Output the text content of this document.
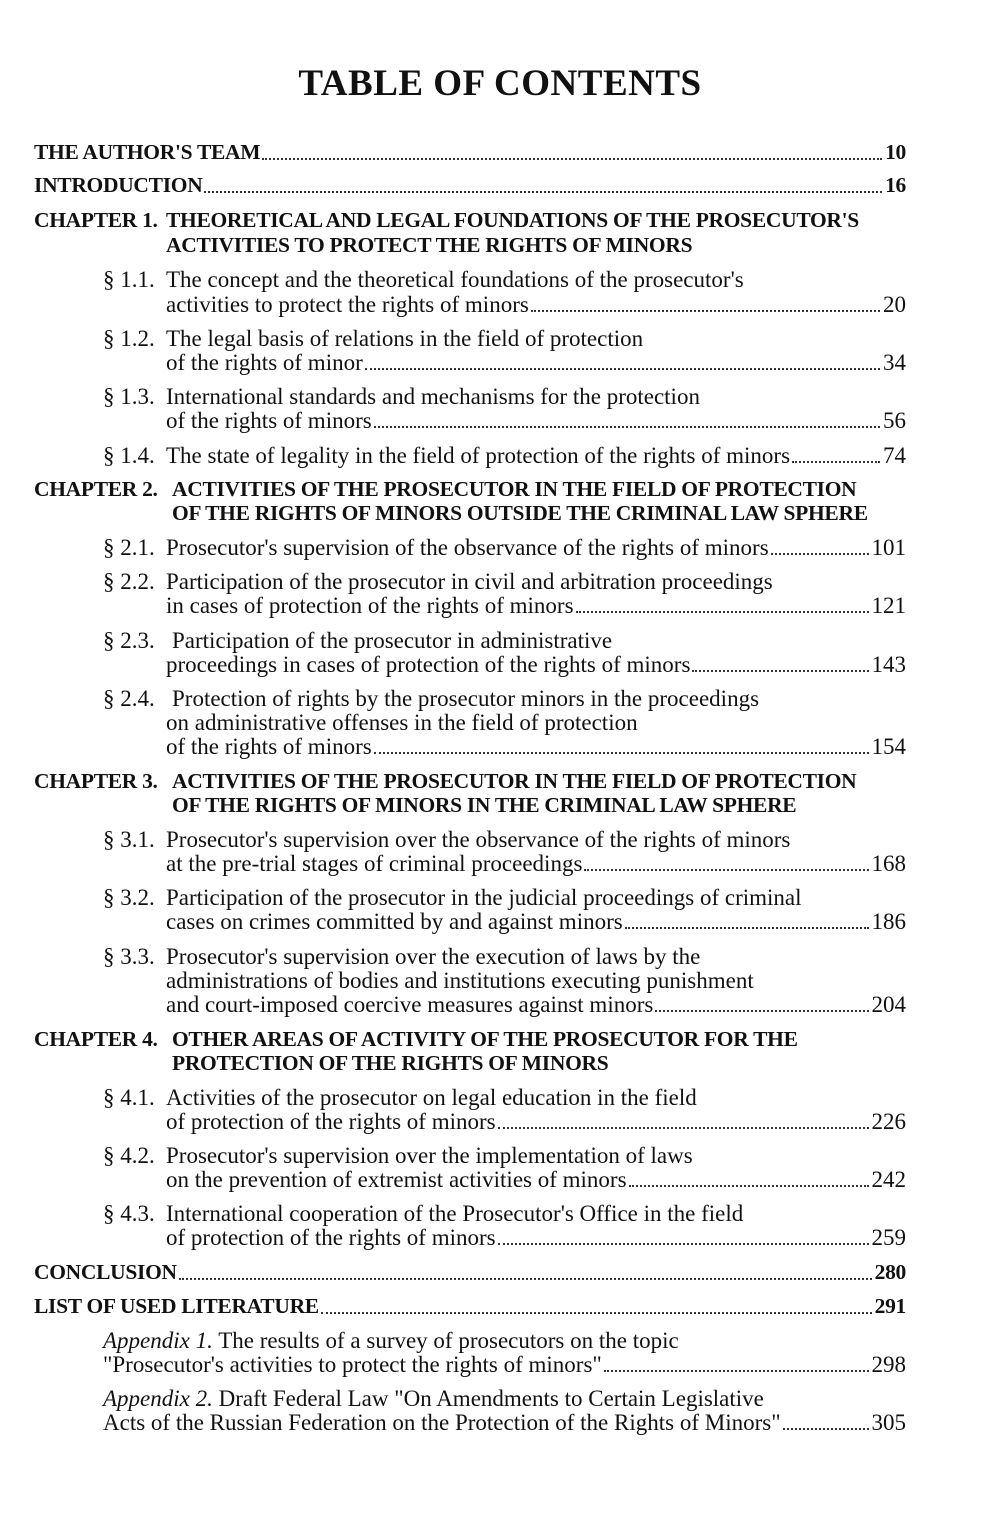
TABLE OF CONTENTS
THE AUTHOR'S TEAM	10
INTRODUCTION	16
CHAPTER 1. THEORETICAL AND LEGAL FOUNDATIONS OF THE PROSECUTOR'S
ACTIVITIES TO PROTECT THE RIGHTS OF MINORS
§ 1.1. The concept and the theoretical foundations of the prosecutor's
activities to protect the rights of minors	20
§ 1.2. The legal basis of relations in the field of protection
of the rights of minor	34
§ 1.3. International standards and mechanisms for the protection
of the rights of minors	56
§ 1.4. The state of legality in the field of protection of the rights of minors	74
CHAPTER 2. ACTIVITIES OF THE PROSECUTOR IN THE FIELD OF PROTECTION
OF THE RIGHTS OF MINORS OUTSIDE THE CRIMINAL LAW SPHERE
§ 2.1. Prosecutor's supervision of the observance of the rights of minors	101
§ 2.2. Participation of the prosecutor in civil and arbitration proceedings
in cases of protection of the rights of minors	121
§ 2.3. Participation of the prosecutor in administrative
proceedings in cases of protection of the rights of minors	143
§ 2.4. Protection of rights by the prosecutor minors in the proceedings
on administrative offenses in the field of protection
of the rights of minors	154
CHAPTER 3. ACTIVITIES OF THE PROSECUTOR IN THE FIELD OF PROTECTION
OF THE RIGHTS OF MINORS IN THE CRIMINAL LAW SPHERE
§ 3.1. Prosecutor's supervision over the observance of the rights of minors
at the pre-trial stages of criminal proceedings	168
§ 3.2. Participation of the prosecutor in the judicial proceedings of criminal
cases on crimes committed by and against minors	186
§ 3.3. Prosecutor's supervision over the execution of laws by the
administrations of bodies and institutions executing punishment
and court-imposed coercive measures against minors	204
CHAPTER 4. OTHER AREAS OF ACTIVITY OF THE PROSECUTOR FOR THE
PROTECTION OF THE RIGHTS OF MINORS
§ 4.1. Activities of the prosecutor on legal education in the field
of protection of the rights of minors	226
§ 4.2. Prosecutor's supervision over the implementation of laws
on the prevention of extremist activities of minors	242
§ 4.3. International cooperation of the Prosecutor's Office in the field
of protection of the rights of minors	259
CONCLUSION	280
LIST OF USED LITERATURE	291
Appendix 1. The results of a survey of prosecutors on the topic
"Prosecutor's activities to protect the rights of minors"	298
Appendix 2. Draft Federal Law "On Amendments to Certain Legislative
Acts of the Russian Federation on the Protection of the Rights of Minors"	305
